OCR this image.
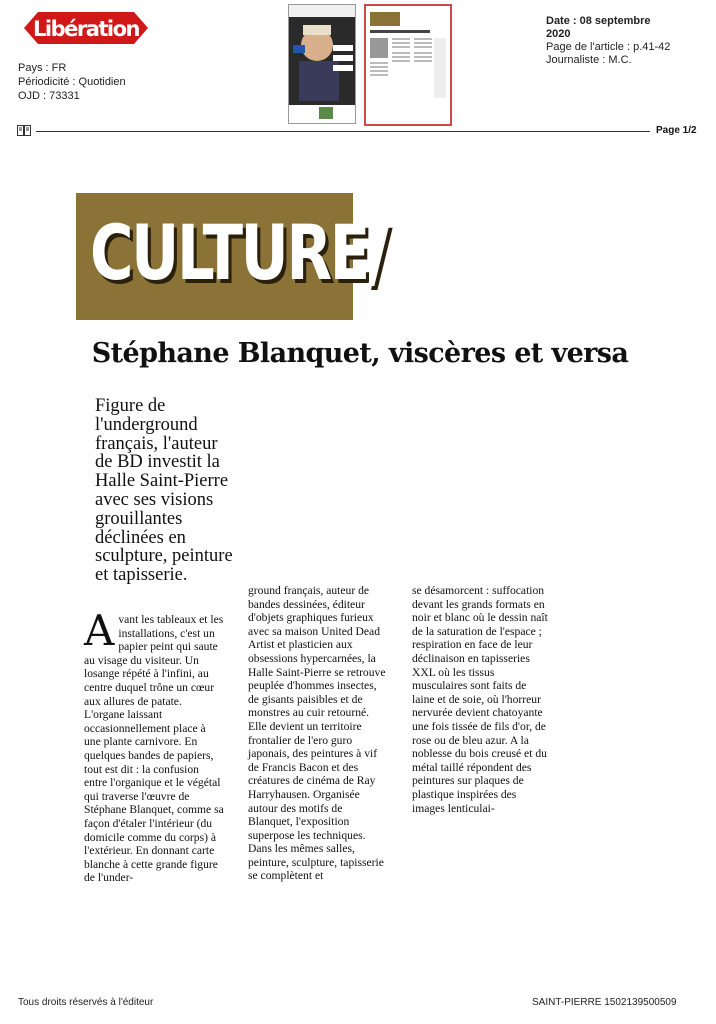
Libération
Pays : FR
Périodicité : Quotidien
OJD : 73331
Date : 08 septembre
2020
Page de l'article : p.41-42
Journaliste : M.C.
Page 1/2
CULTURE/
Stéphane Blanquet, viscères et versa
Figure de l'underground français, l'auteur de BD investit la Halle Saint-Pierre avec ses visions grouillantes déclinées en sculpture, peinture et tapisserie.
Avant les tableaux et les installations, c'est un papier peint qui saute au visage du visiteur. Un losange répété à l'infini, au centre duquel trône un cœur aux allures de patate. L'organe laissant occasionnellement place à une plante carnivore. En quelques bandes de papiers, tout est dit : la confusion entre l'organique et le végétal qui traverse l'œuvre de Stéphane Blanquet, comme sa façon d'étaler l'intérieur (du domicile comme du corps) à l'extérieur. En donnant carte blanche à cette grande figure de l'under-
ground français, auteur de bandes dessinées, éditeur d'objets graphiques furieux avec sa maison United Dead Artist et plasticien aux obsessions hypercarnées, la Halle Saint-Pierre se retrouve peuplée d'hommes insectes, de gisants paisibles et de monstres au cuir retourné. Elle devient un territoire frontalier de l'ero guro japonais, des peintures à vif de Francis Bacon et des créatures de cinéma de Ray Harryhausen. Organisée autour des motifs de Blanquet, l'exposition superpose les techniques. Dans les mêmes salles, peinture, sculpture, tapisserie se complètent et
se désamorcent : suffocation devant les grands formats en noir et blanc où le dessin naît de la saturation de l'espace ; respiration en face de leur déclinaison en tapisseries XXL où les tissus musculaires sont faits de laine et de soie, où l'horreur nervurée devient chatoyante une fois tissée de fils d'or, de rose ou de bleu azur. A la noblesse du bois creusé et du métal taillé répondent des peintures sur plaques de plastique inspirées des images lenticulai-
Tous droits réservés à l'éditeur	SAINT-PIERRE 1502139500509
